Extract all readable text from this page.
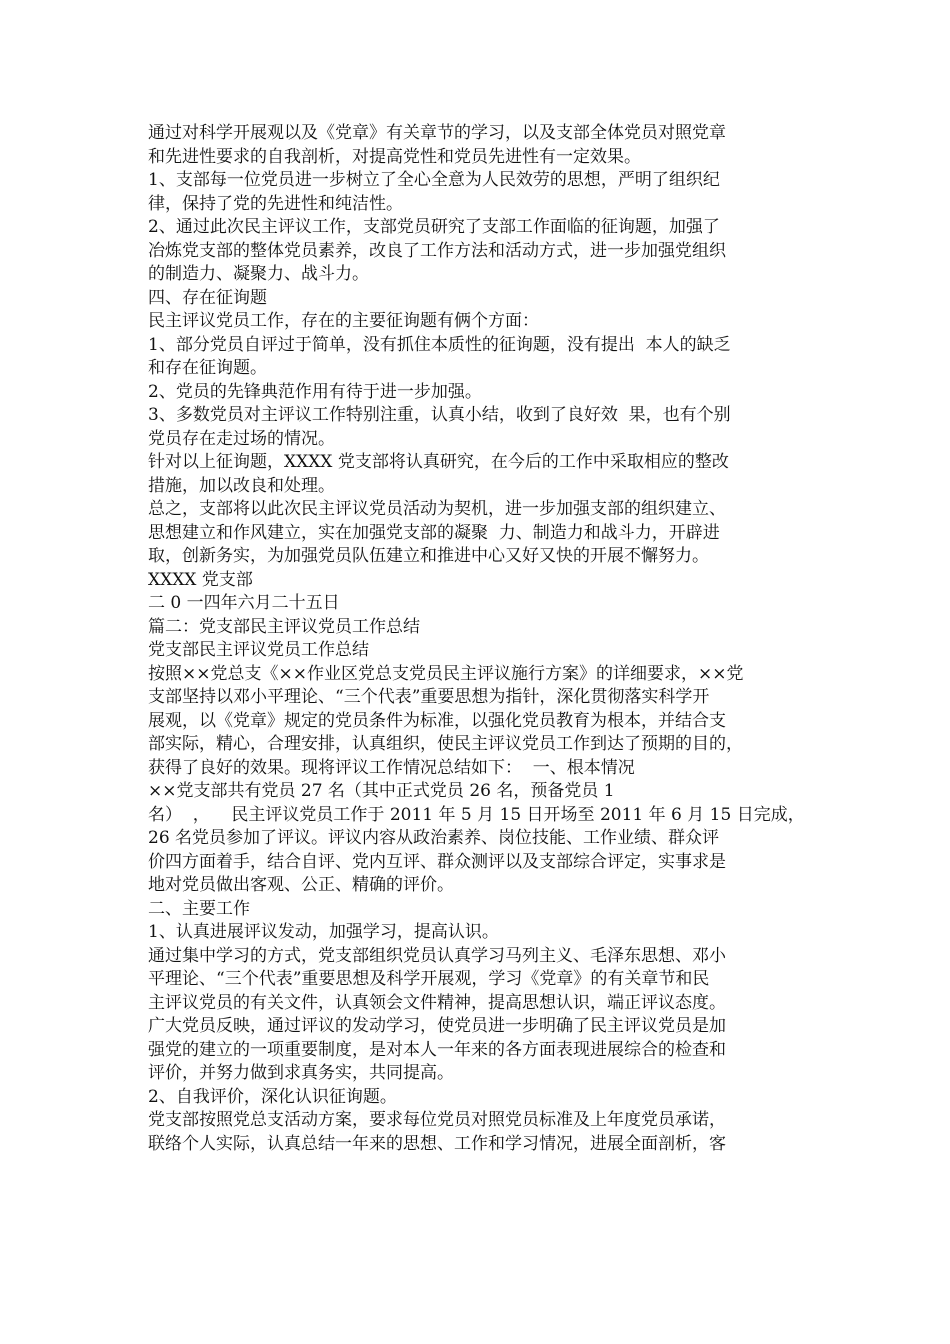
通过对科学开展观以及《党章》有关章节的学习，以及支部全体党员对照党章
和先进性要求的自我剖析，对提高党性和党员先进性有一定效果。
1、支部每一位党员进一步树立了全心全意为人民效劳的思想，严明了组织纪
律，保持了党的先进性和纯洁性。
2、通过此次民主评议工作，支部党员研究了支部工作面临的征询题，加强了
冶炼党支部的整体党员素养，改良了工作方法和活动方式，进一步加强党组织
的制造力、凝聚力、战斗力。
四、存在征询题
民主评议党员工作，存在的主要征询题有俩个方面：
1、部分党员自评过于简单，没有抓住本质性的征询题，没有提出  本人的缺乏
和存在征询题。
2、党员的先锋典范作用有待于进一步加强。
3、多数党员对主评议工作特别注重，认真小结，收到了良好效  果，也有个别
党员存在走过场的情况。
针对以上征询题，XXXX 党支部将认真研究，在今后的工作中采取相应的整改
措施，加以改良和处理。
总之，支部将以此次民主评议党员活动为契机，进一步加强支部的组织建立、
思想建立和作风建立，实在加强党支部的凝聚  力、制造力和战斗力，开辟进
取，创新务实，为加强党员队伍建立和推进中心又好又快的开展不懈努力。
XXXX 党支部
二 0 一四年六月二十五日
篇二：党支部民主评议党员工作总结
党支部民主评议党员工作总结
按照××党总支《××作业区党总支党员民主评议施行方案》的详细要求，××党
支部坚持以邓小平理论、“三个代表”重要思想为指针，深化贯彻落实科学开
展观，以《党章》规定的党员条件为标准，以强化党员教育为根本，并结合支
部实际，精心，合理安排，认真组织，使民主评议党员工作到达了预期的目的，
获得了良好的效果。现将评议工作情况总结如下：  一、根本情况
××党支部共有党员 27 名（其中正式党员 26 名，预备党员 1
名）  ，    民主评议党员工作于 2011 年 5 月 15 日开场至 2011 年 6 月 15 日完成，
26 名党员参加了评议。评议内容从政治素养、岗位技能、工作业绩、群众评
价四方面着手，结合自评、党内互评、群众测评以及支部综合评定，实事求是
地对党员做出客观、公正、精确的评价。
二、主要工作
1、认真进展评议发动，加强学习，提高认识。
通过集中学习的方式，党支部组织党员认真学习马列主义、毛泽东思想、邓小
平理论、“三个代表”重要思想及科学开展观，学习《党章》的有关章节和民
主评议党员的有关文件，认真领会文件精神，提高思想认识，端正评议态度。
广大党员反映，通过评议的发动学习，使党员进一步明确了民主评议党员是加
强党的建立的一项重要制度，是对本人一年来的各方面表现进展综合的检查和
评价，并努力做到求真务实，共同提高。
2、自我评价，深化认识征询题。
党支部按照党总支活动方案，要求每位党员对照党员标准及上年度党员承诺，
联络个人实际，认真总结一年来的思想、工作和学习情况，进展全面剖析，客
